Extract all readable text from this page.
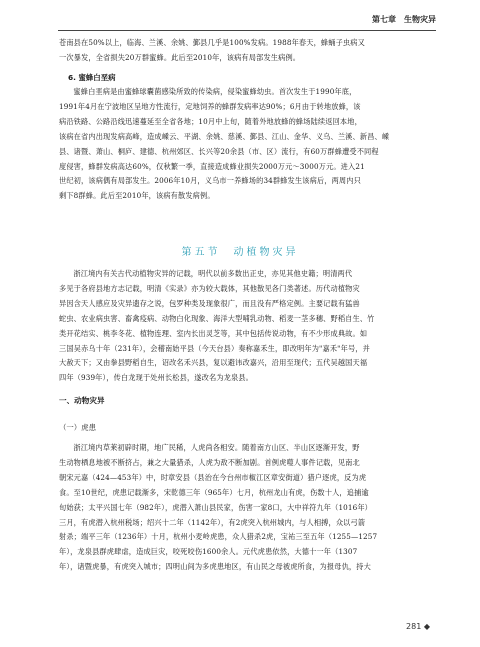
第七章　生物灾异

苍南县在50%以上，临海、兰溪、余姚、鄞县几乎是100%发病。1988年春天，蜂蛹子虫病又

一次暴发，全省损失20万群蜜蜂。此后至2010年，该病有局部发生病例。

6. 蜜蜂白垩病

蜜蜂白垩病是由蜜蜂球囊菌感染所致的传染病，侵染蜜蜂幼虫。首次发生于1990年底，

1991年4月在宁波地区呈地方性流行，定地饲养的蜂群发病率达90%；6月由于转地放蜂，该

病沿铁路、公路沿线迅速蔓延至全省各地；10月中上旬，随着外地放蜂的蜂场陆续返回本地，

该病在省内出现发病高峰，造成嵊云、平湖、余姚、慈溪、鄞县、江山、金华、义乌、兰溪、新昌、嵊

县、诸暨、萧山、桐庐、建德、杭州郊区、长兴等20余县（市、区）流行，有60万群蜂遭受不同程

度侵害，蜂群发病高达60%，仅秋繁一季，直接造成蜂业损失2000万元～3000万元。进入21

世纪初，该病偶有局部发生。2006年10月，义乌市一养蜂场的34群蜂发生该病后，两周内只

剩下8群蜂。此后至2010年，该病有散发病例。

第五节　动植物灾异

浙江境内有关古代动植物灾异的记载，明代以前多数出正史，亦见其他史籍；明清两代

多见于各府县地方志记载，明清《实录》亦为较大载体，其他散见各门类著述。历代动植物灾

异因含天人感应及灾异遗存之说，包罗种类及现象很广，而且没有严格定例。主要记载有猛兽

蛇虫、农业病虫害、畜禽疫病、动物白化现象、海洋大型哺乳动物、稻麦一茎多穗、野稻自生、竹

类开花结实、桃李冬花、植物连理、室内长出灵芝等，其中包括传说动物，有不少形成典故。如

三国吴赤乌十年（231年），会稽南始平县（今天台县）奏称嘉禾生，即改明年为"嘉禾"年号，并

大赦天下；又由拳县野稻自生，诏改名禾兴县，复以避讳改嘉兴，沿用至现代；五代吴越国天福

四年（939年），传白龙现于处州长松县，遂改名为龙泉县。

一、动物灾异
（一）虎患

浙江境内草莱初辟时期，地广民稀，人虎尚各相安。随着南方山区、半山区逐渐开发，野

生动物栖息地被不断挤占，兼之大量猎杀，人虎为敌不断加剧。首例虎噬人事件记载，见南北

朝宋元嘉（424—453年）中，时章安县（县治在今台州市椒江区章安街道）猎户逐虎，反为虎

食。至10世纪，虎患记载渐多，宋乾德三年（965年）七月，杭州龙山有虎，伤数十人，追捕逾

旬始获；太平兴国七年（982年），虎潜入萧山县民家，伤害一家8口，大中祥符九年（1016年）

三月，有虎潜入杭州税场；绍兴十二年（1142年），有2虎突入杭州城内，与人相搏，众以弓箭

射杀；端平三年（1236年）十月，杭州小麦岭虎患，众人猎杀2虎，宝祐三至五年（1255—1257

年），龙泉县群虎肆虐，造成巨灾，咬死咬伤1600余人。元代虎患依然，大德十一年（1307

年），诸暨虎暴，有虎突入城市；四明山间为多虎患地区，有山民之母被虎所食，为报母仇，持大

281 ◆
